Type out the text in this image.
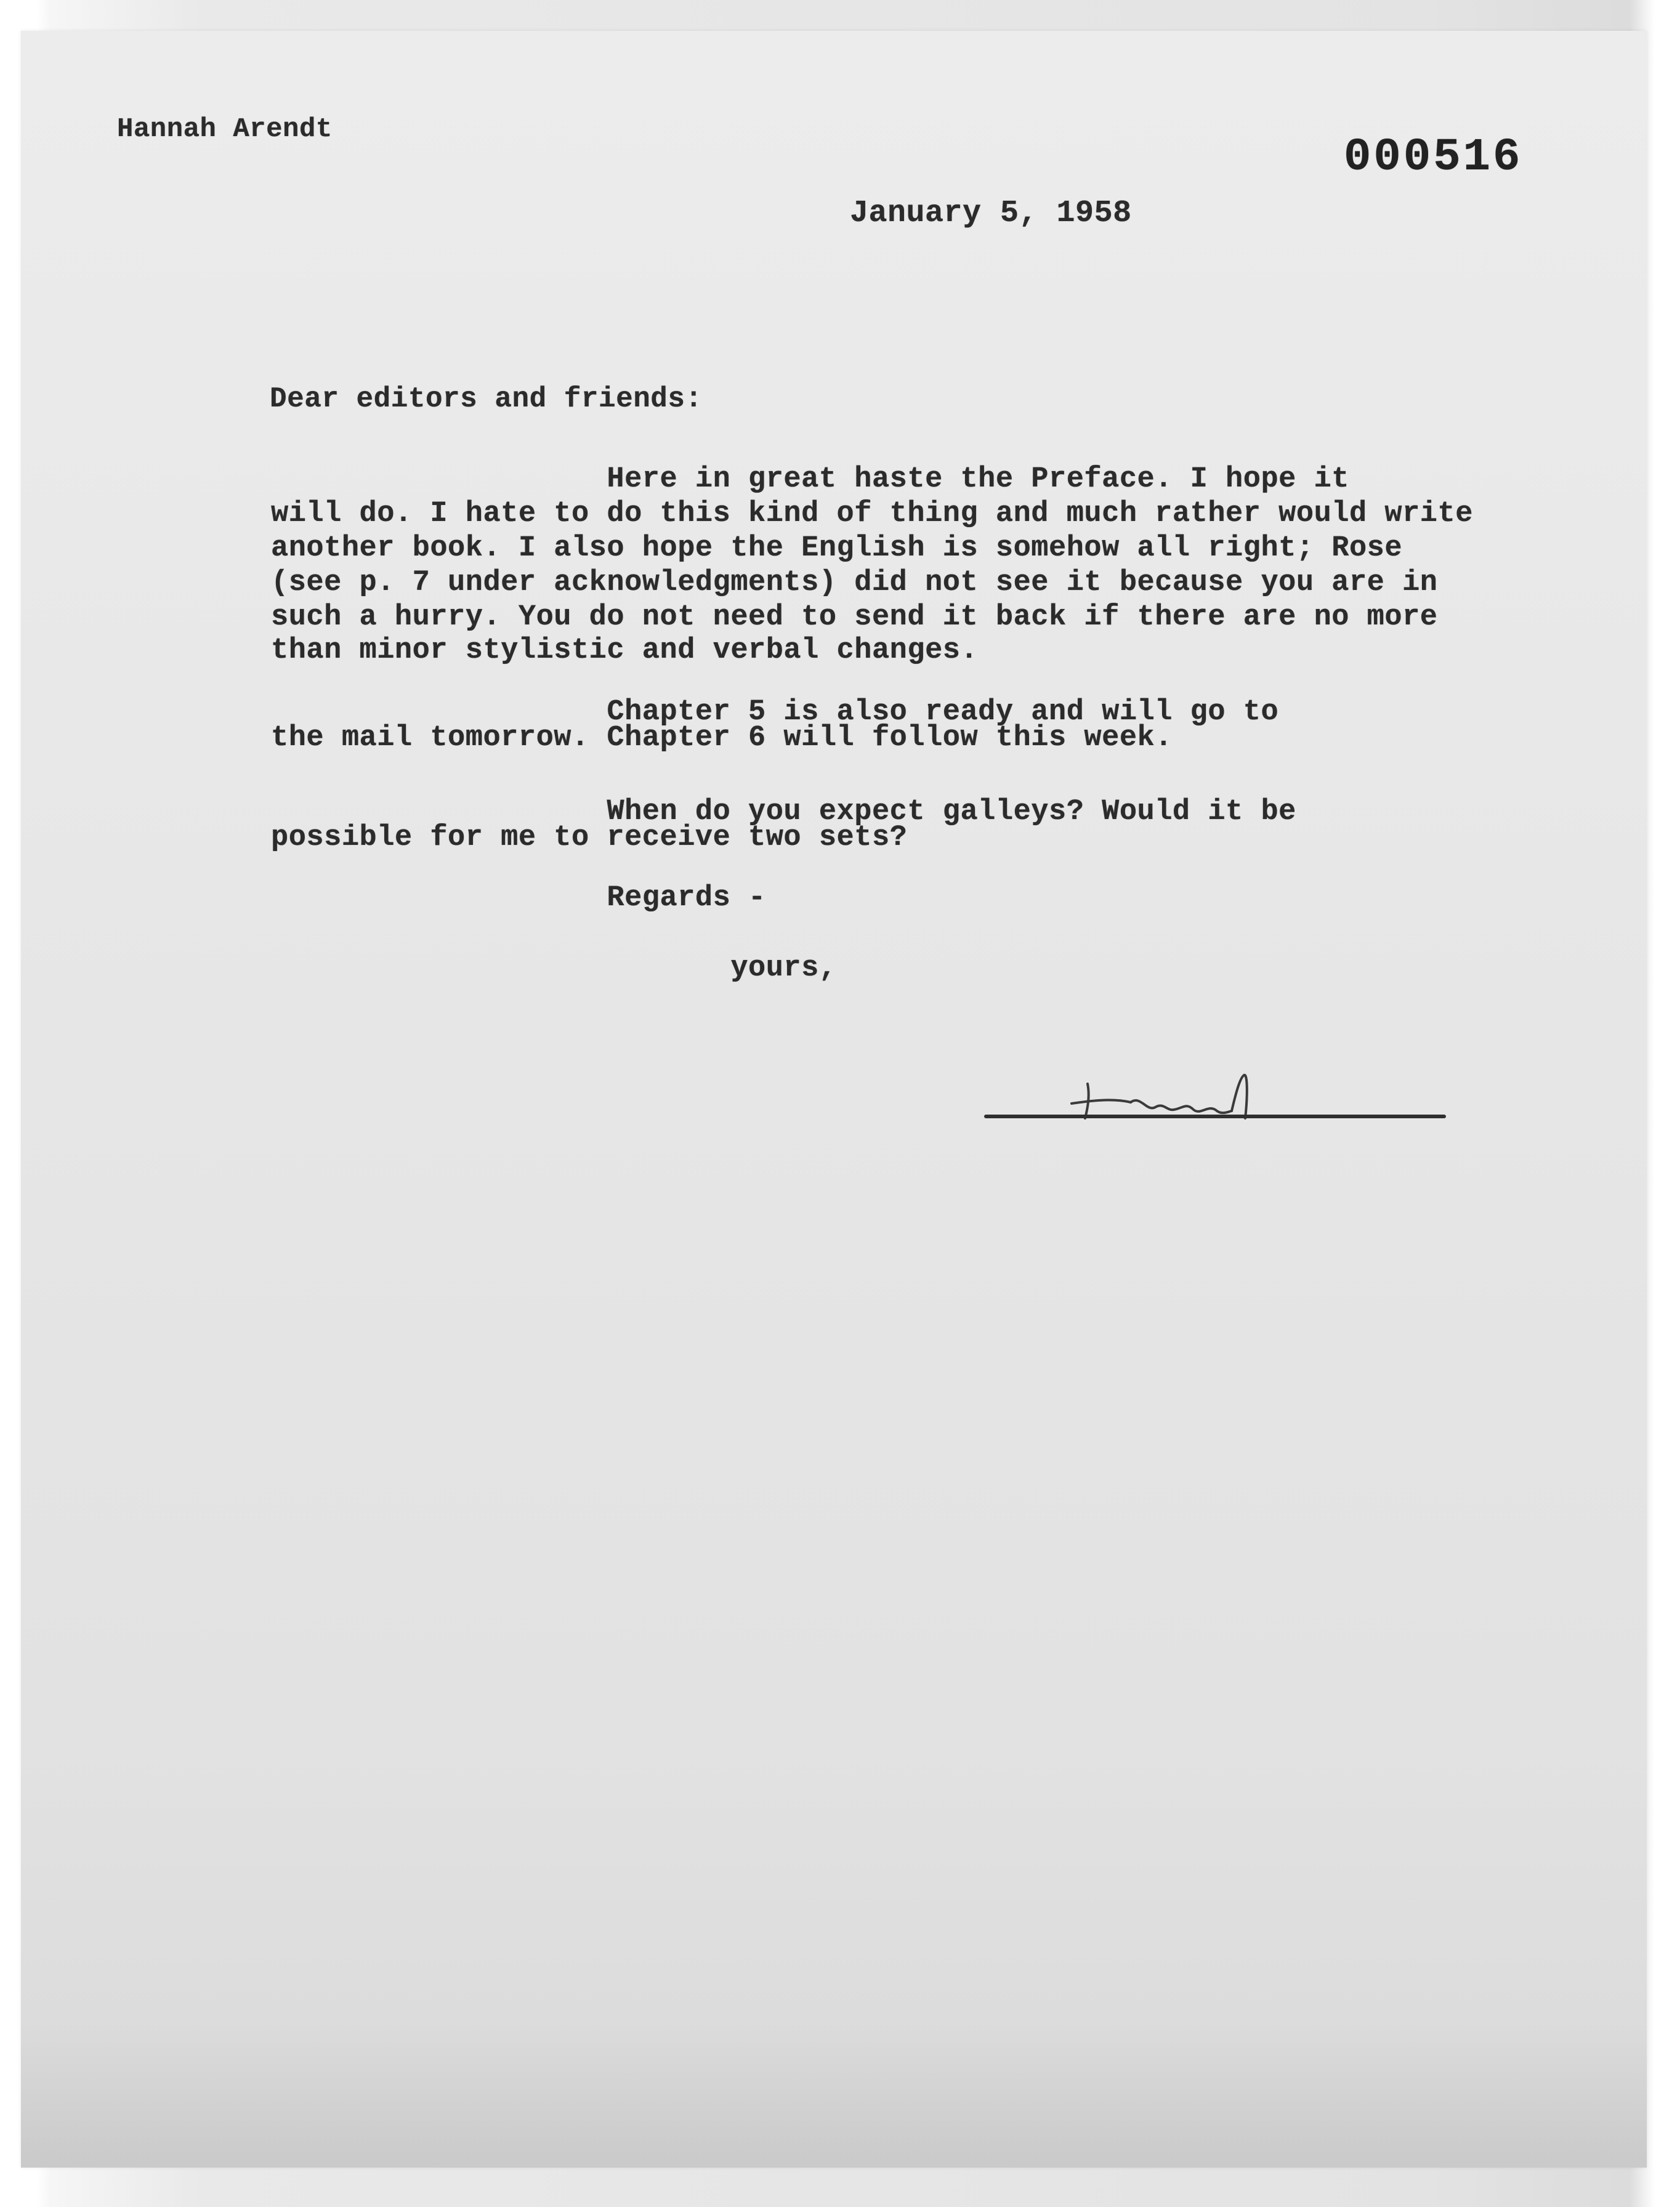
Hannah Arendt
000516
January 5, 1958
Dear editors and friends:
Here in great haste the Preface. I hope it
will do. I hate to do this kind of thing and much rather would write
another book. I also hope the English is somehow all right; Rose
(see p. 7 under acknowledgments) did not see it because you are in
such a hurry. You do not need to send it back if there are no more
than minor stylistic and verbal changes.
Chapter 5 is also ready and will go to
the mail tomorrow. Chapter 6 will follow this week.
When do you expect galleys? Would it be
possible for me to receive two sets?
Regards -
yours,
